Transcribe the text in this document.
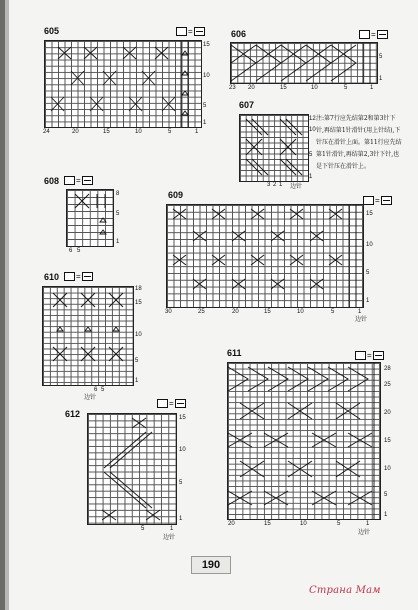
605	=
24	20	15	10	5	1
15
10
5
1
606	=
23 20	15	10	5	1
5
1
607
12
10
5
1
3 2 1 边针
注:第7行应先结第2和第3针下针,再结第1针滑针(用上针结),下针压在滑针上面。第11行应先结第1针滑针,再结第2,3针下针,也是下针压在滑针上。
608 =
8
5
1
6 5
609	=
15
10
5
1
30	25	20	15	10	5	1
边针
610 =
18
15
10
5
1
6 5
边针
611	=
28
25
20
15
10
5
1
20	15	10	5	1
边针
612
=
15
10
5
1
5	1
边针
190
Страна Мам
